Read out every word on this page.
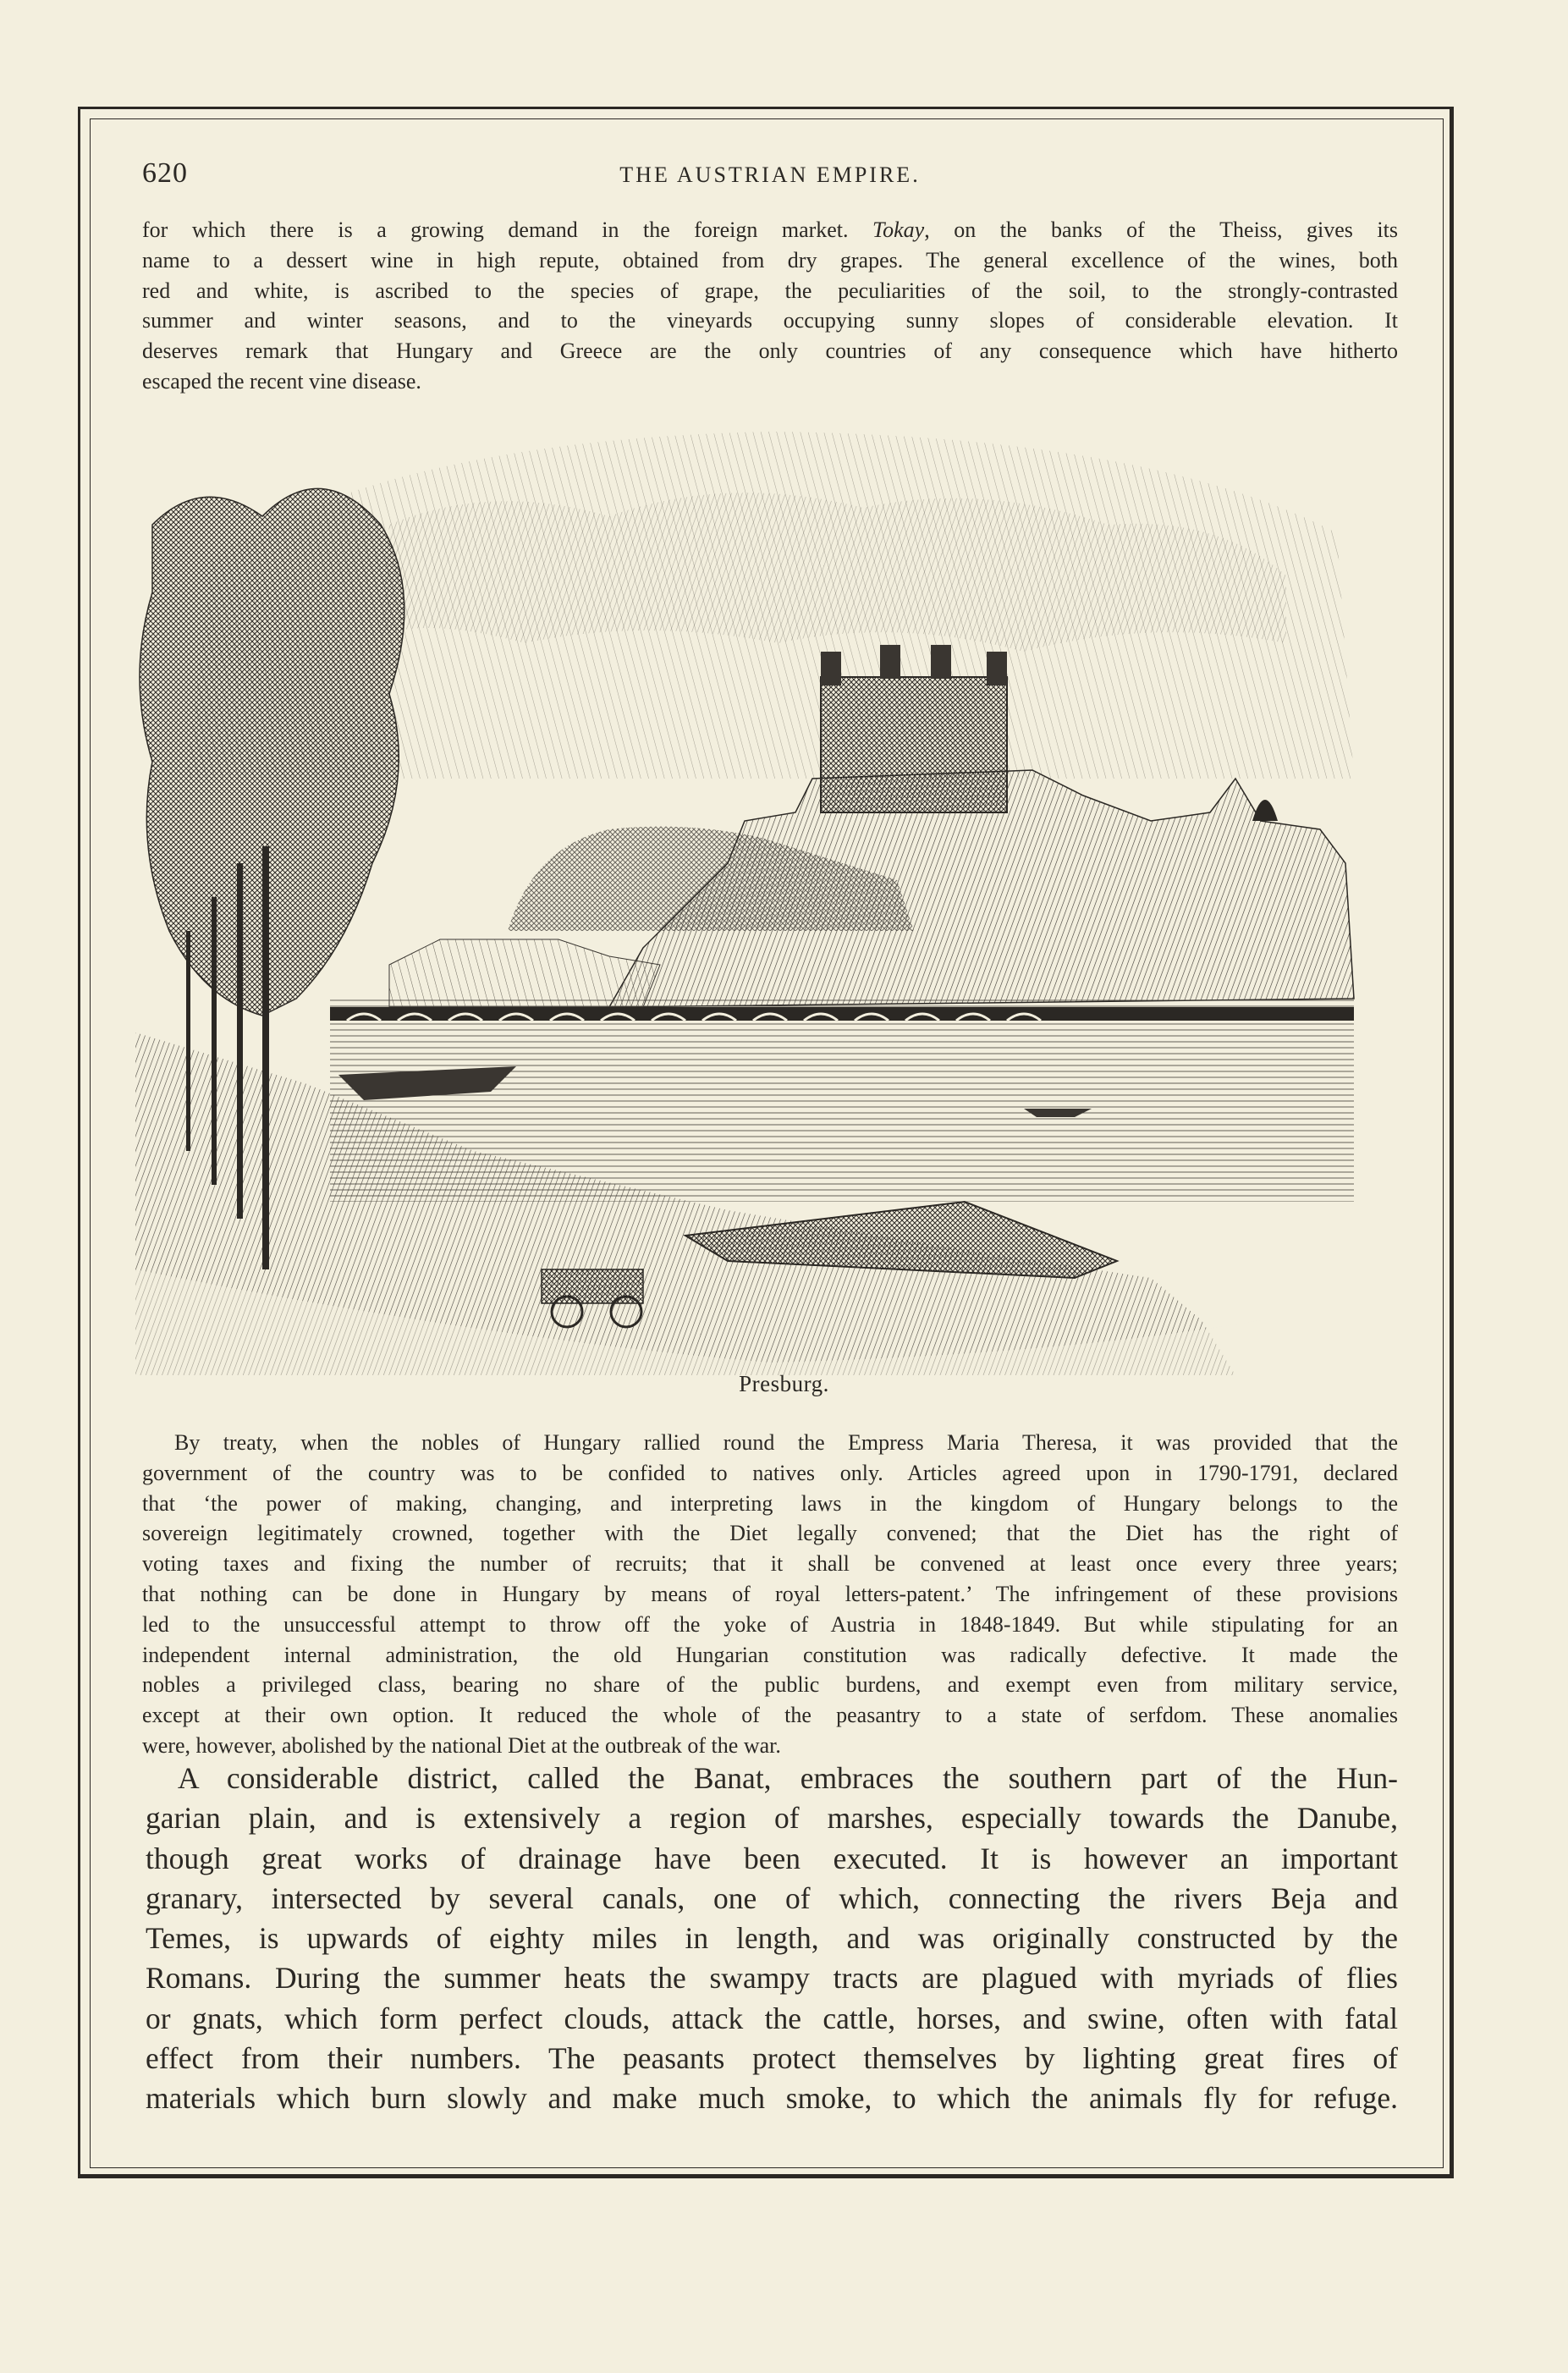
620	THE AUSTRIAN EMPIRE.
for which there is a growing demand in the foreign market. Tokay, on the banks of the Theiss, gives its
name to a dessert wine in high repute, obtained from dry grapes. The general excellence of the wines, both
red and white, is ascribed to the species of grape, the peculiarities of the soil, to the strongly-contrasted
summer and winter seasons, and to the vineyards occupying sunny slopes of considerable elevation. It
deserves remark that Hungary and Greece are the only countries of any consequence which have hitherto
escaped the recent vine disease.
Presburg.
By treaty, when the nobles of Hungary rallied round the Empress Maria Theresa, it was provided that the
government of the country was to be confided to natives only. Articles agreed upon in 1790-1791, declared
that ‘the power of making, changing, and interpreting laws in the kingdom of Hungary belongs to the
sovereign legitimately crowned, together with the Diet legally convened; that the Diet has the right of
voting taxes and fixing the number of recruits; that it shall be convened at least once every three years;
that nothing can be done in Hungary by means of royal letters-patent.’ The infringement of these provisions
led to the unsuccessful attempt to throw off the yoke of Austria in 1848-1849. But while stipulating for an
independent internal administration, the old Hungarian constitution was radically defective. It made the
nobles a privileged class, bearing no share of the public burdens, and exempt even from military service,
except at their own option. It reduced the whole of the peasantry to a state of serfdom. These anomalies
were, however, abolished by the national Diet at the outbreak of the war.
A considerable district, called the Banat, embraces the southern part of the Hun-
garian plain, and is extensively a region of marshes, especially towards the Danube,
though great works of drainage have been executed. It is however an important
granary, intersected by several canals, one of which, connecting the rivers Beja and
Temes, is upwards of eighty miles in length, and was originally constructed by the
Romans. During the summer heats the swampy tracts are plagued with myriads of flies
or gnats, which form perfect clouds, attack the cattle, horses, and swine, often with fatal
effect from their numbers. The peasants protect themselves by lighting great fires of
materials which burn slowly and make much smoke, to which the animals fly for refuge.
